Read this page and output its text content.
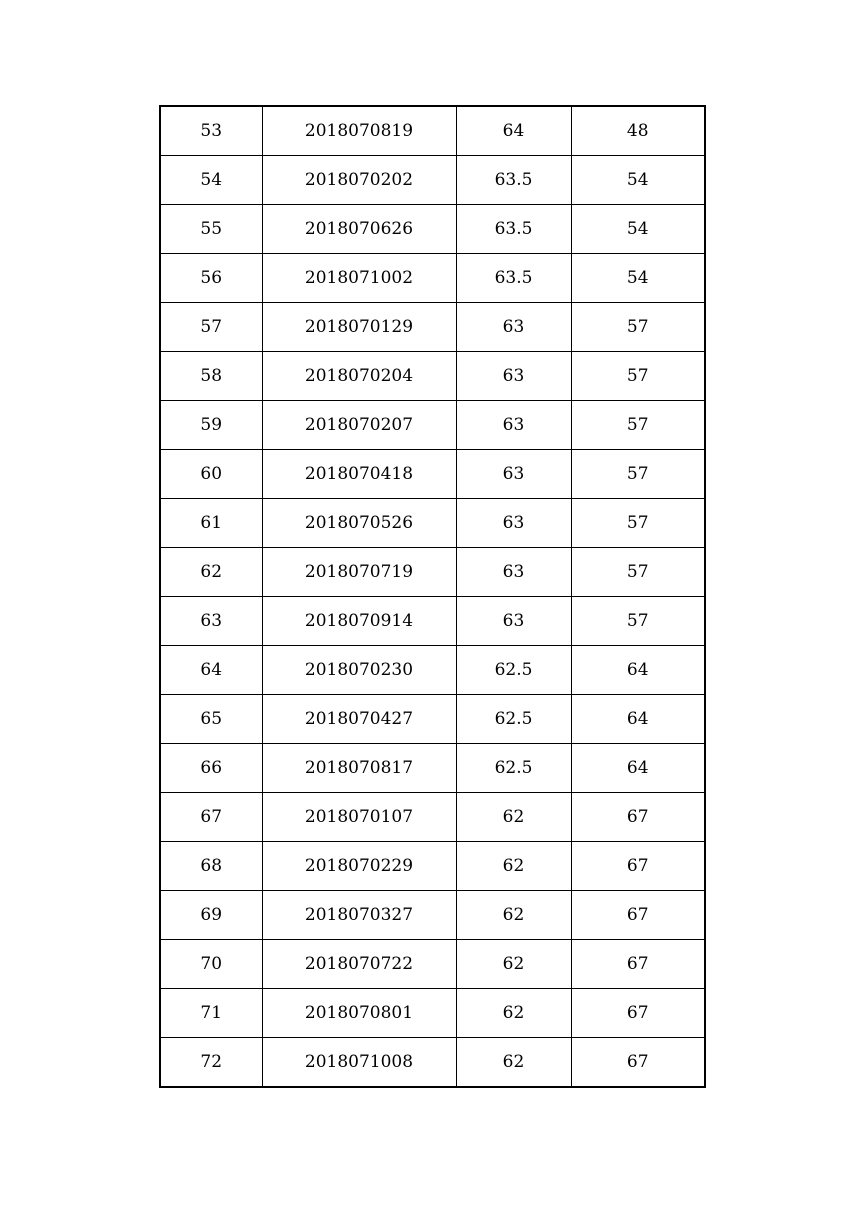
53	2018070819	64	48
54	2018070202	63.5	54
55	2018070626	63.5	54
56	2018071002	63.5	54
57	2018070129	63	57
58	2018070204	63	57
59	2018070207	63	57
60	2018070418	63	57
61	2018070526	63	57
62	2018070719	63	57
63	2018070914	63	57
64	2018070230	62.5	64
65	2018070427	62.5	64
66	2018070817	62.5	64
67	2018070107	62	67
68	2018070229	62	67
69	2018070327	62	67
70	2018070722	62	67
71	2018070801	62	67
72	2018071008	62	67
